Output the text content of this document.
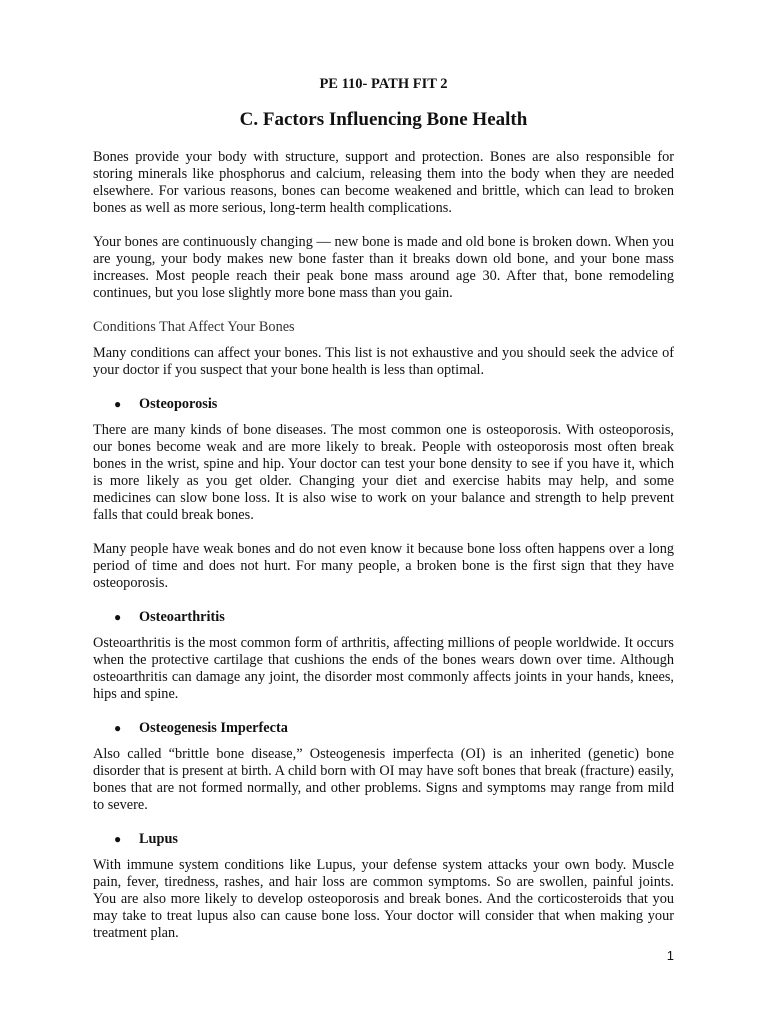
PE 110- PATH FIT 2
C. Factors Influencing Bone Health

Bones provide your body with structure, support and protection. Bones are also responsible for storing minerals like phosphorus and calcium, releasing them into the body when they are needed elsewhere. For various reasons, bones can become weakened and brittle, which can lead to broken bones as well as more serious, long-term health complications.

Your bones are continuously changing — new bone is made and old bone is broken down. When you are young, your body makes new bone faster than it breaks down old bone, and your bone mass increases. Most people reach their peak bone mass around age 30. After that, bone remodeling continues, but you lose slightly more bone mass than you gain.

Conditions That Affect Your Bones

Many conditions can affect your bones. This list is not exhaustive and you should seek the advice of your doctor if you suspect that your bone health is less than optimal.

●	Osteoporosis

There are many kinds of bone diseases. The most common one is osteoporosis. With osteoporosis, our bones become weak and are more likely to break. People with osteoporosis most often break bones in the wrist, spine and hip. Your doctor can test your bone density to see if you have it, which is more likely as you get older. Changing your diet and exercise habits may help, and some medicines can slow bone loss. It is also wise to work on your balance and strength to help prevent falls that could break bones.

Many people have weak bones and do not even know it because bone loss often happens over a long period of time and does not hurt. For many people, a broken bone is the first sign that they have osteoporosis.

●	Osteoarthritis

Osteoarthritis is the most common form of arthritis, affecting millions of people worldwide. It occurs when the protective cartilage that cushions the ends of the bones wears down over time. Although osteoarthritis can damage any joint, the disorder most commonly affects joints in your hands, knees, hips and spine.

●	Osteogenesis Imperfecta

Also called “brittle bone disease,” Osteogenesis imperfecta (OI) is an inherited (genetic) bone disorder that is present at birth. A child born with OI may have soft bones that break (fracture) easily, bones that are not formed normally, and other problems. Signs and symptoms may range from mild to severe.

●	Lupus

With immune system conditions like Lupus, your defense system attacks your own body. Muscle pain, fever, tiredness, rashes, and hair loss are common symptoms. So are swollen, painful joints. You are also more likely to develop osteoporosis and break bones. And the corticosteroids that you may take to treat lupus also can cause bone loss. Your doctor will consider that when making your treatment plan.

1
